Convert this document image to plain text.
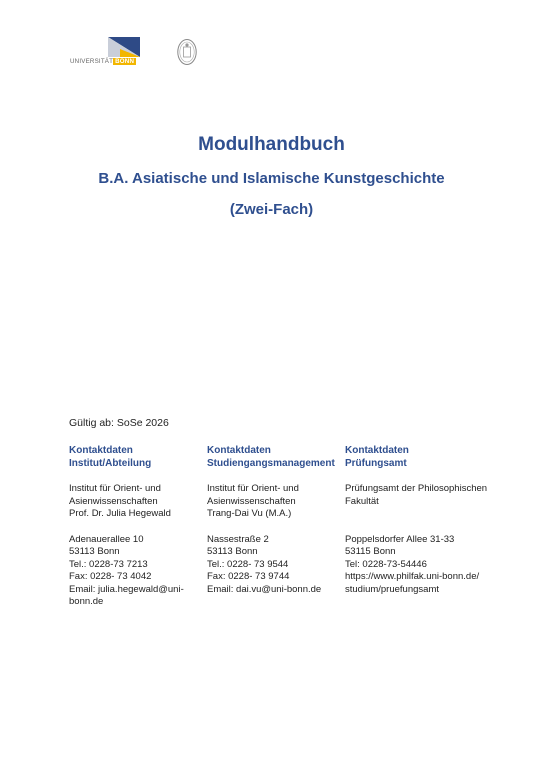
UNIVERSITÄT BONN
Modulhandbuch
B.A. Asiatische und Islamische Kunstgeschichte
(Zwei-Fach)
Gültig ab: SoSe 2026
Kontaktdaten
Institut/Abteilung
Institut für Orient- und
Asienwissenschaften
Prof. Dr. Julia Hegewald
Adenauerallee 10
53113 Bonn
Tel.: 0228-73 7213
Fax: 0228- 73 4042
Email: julia.hegewald@uni-
bonn.de
Kontaktdaten
Studiengangsmanagement
Institut für Orient- und
Asienwissenschaften
Trang-Dai Vu (M.A.)
Nassestraße 2
53113 Bonn
Tel.: 0228- 73 9544
Fax: 0228- 73 9744
Email: dai.vu@uni-bonn.de
Kontaktdaten
Prüfungsamt
Prüfungsamt der Philosophischen
Fakultät
Poppelsdorfer Allee 31-33
53115 Bonn
Tel: 0228-73-54446
https://www.philfak.uni-bonn.de/
studium/pruefungsamt
